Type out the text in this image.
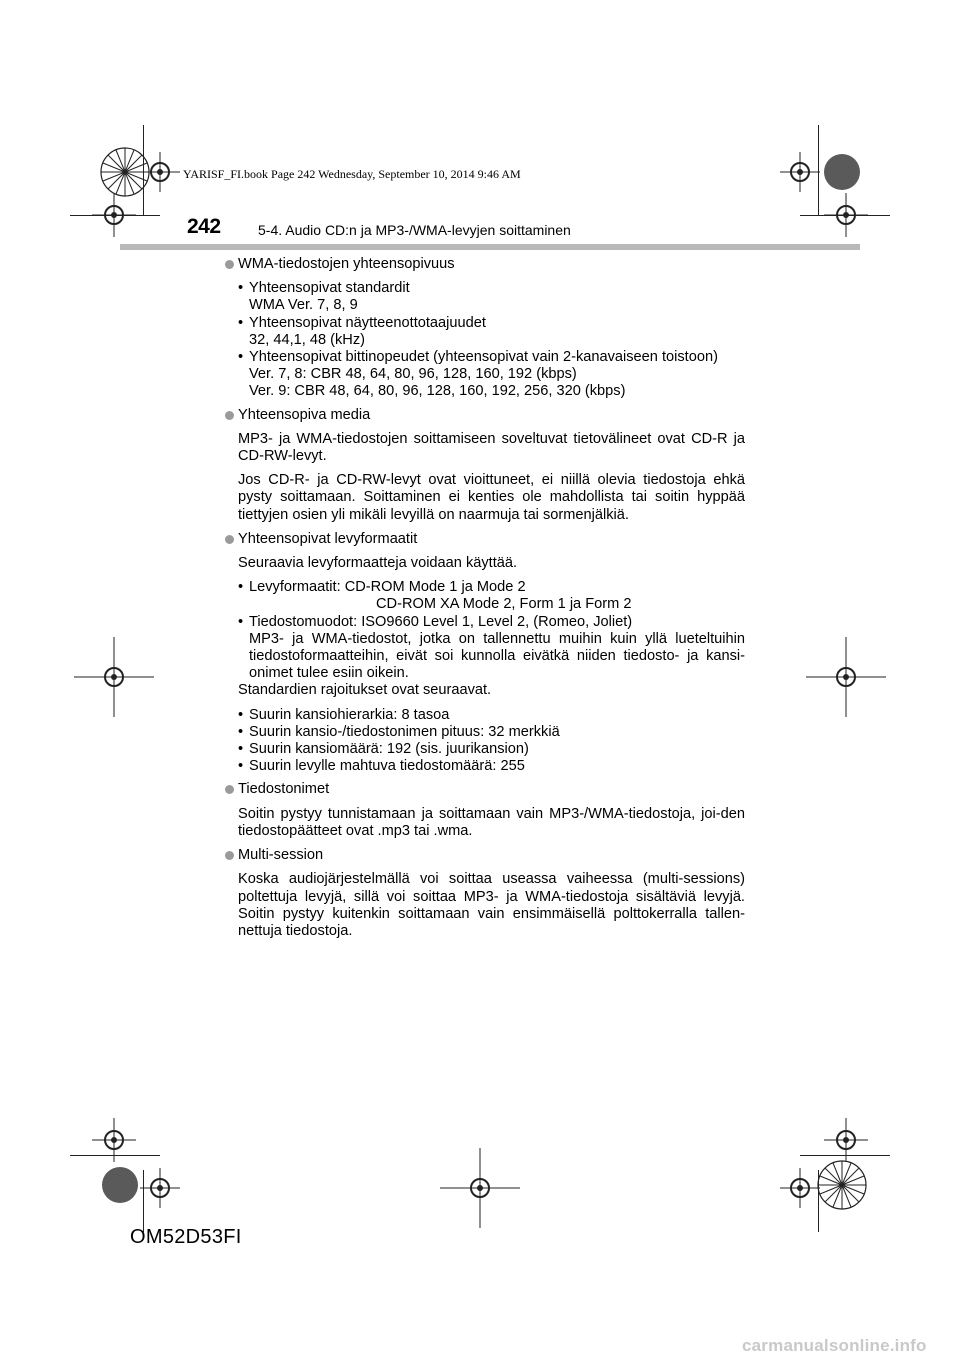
YARISF_FI.book Page 242 Wednesday, September 10, 2014 9:46 AM
242	5-4. Audio CD:n ja MP3-/WMA-levyjen soittaminen
WMA-tiedostojen yhteensopivuus
• Yhteensopivat standardit
WMA Ver. 7, 8, 9
• Yhteensopivat näytteenottotaajuudet
32, 44,1, 48 (kHz)
• Yhteensopivat bittinopeudet (yhteensopivat vain 2-kanavaiseen toistoon)
Ver. 7, 8: CBR 48, 64, 80, 96, 128, 160, 192 (kbps)
Ver. 9: CBR 48, 64, 80, 96, 128, 160, 192, 256, 320 (kbps)
Yhteensopiva media
MP3- ja WMA-tiedostojen soittamiseen soveltuvat tietovälineet ovat CD-R ja CD-RW-levyt.
Jos CD-R- ja CD-RW-levyt ovat vioittuneet, ei niillä olevia tiedostoja ehkä pysty soittamaan. Soittaminen ei kenties ole mahdollista tai soitin hyppää tiettyjen osien yli mikäli levyillä on naarmuja tai sormenjälkiä.
Yhteensopivat levyformaatit
Seuraavia levyformaatteja voidaan käyttää.
• Levyformaatit: CD-ROM Mode 1 ja Mode 2
CD-ROM XA Mode 2, Form 1 ja Form 2
• Tiedostomuodot: ISO9660 Level 1, Level 2, (Romeo, Joliet)
MP3- ja WMA-tiedostot, jotka on tallennettu muihin kuin yllä lueteltuihin tiedostoformaatteihin, eivät soi kunnolla eivätkä niiden tiedosto- ja kansi-onimet tulee esiin oikein.
Standardien rajoitukset ovat seuraavat.
• Suurin kansiohierarkia: 8 tasoa
• Suurin kansio-/tiedostonimen pituus: 32 merkkiä
• Suurin kansiomäärä: 192 (sis. juurikansion)
• Suurin levylle mahtuva tiedostomäärä: 255
Tiedostonimet
Soitin pystyy tunnistamaan ja soittamaan vain MP3-/WMA-tiedostoja, joi-den tiedostopäätteet ovat .mp3 tai .wma.
Multi-session
Koska audiojärjestelmällä voi soittaa useassa vaiheessa (multi-sessions) poltettuja levyjä, sillä voi soittaa MP3- ja WMA-tiedostoja sisältäviä levyjä. Soitin pystyy kuitenkin soittamaan vain ensimmäisellä polttokerralla tallen-nettuja tiedostoja.
OM52D53FI
carmanualsonline.info
